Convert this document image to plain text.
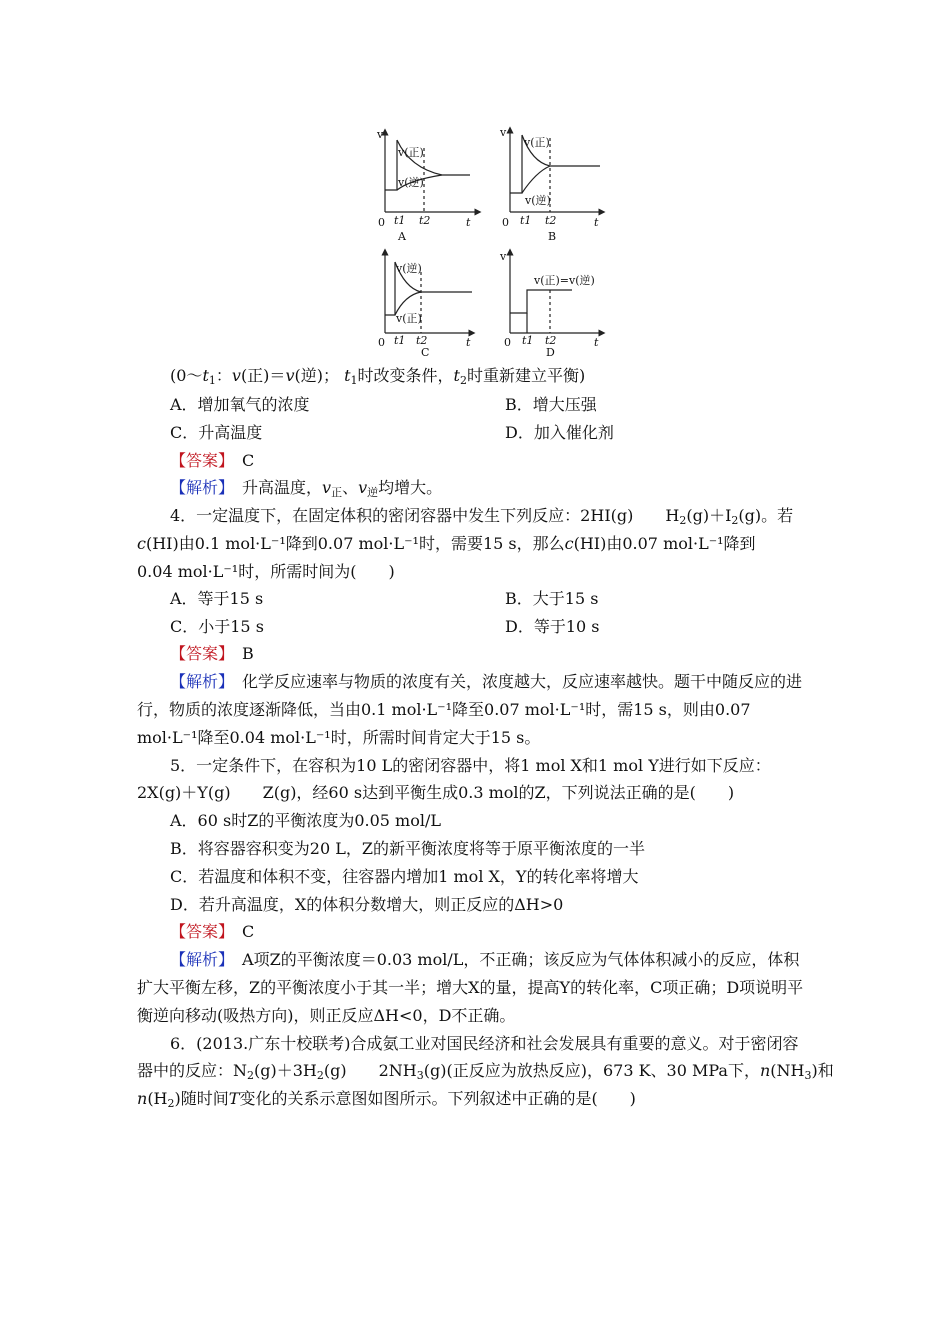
v
v(正)
v(逆)
0 t1 t2	t
A
v
v(正)
v(逆)
0 t1 t2	t
B
v(逆)
v(正)
0 t1 t2	t
C
v
v(正)=v(逆)
0 t1 t2	t
D
($0\sim t_1$：v(正)＝v(逆)； $t_1$时改变条件，$t_2$时重新建立平衡)
A．增加氧气的浓度	B．增大压强
C．升高温度	D．加入催化剂
【答案】　 C
【解析】　 升高温度，$v_正$、$v_逆$均增大。
4．一定温度下，在固定体积的密闭容器中发生下列反应：2HI(g)　　$H_2(g)+I_2(g)$。若
c(HI)由0.1 mol·L⁻¹降到0.07 mol·L⁻¹时，需要15 s，那么c(HI)由0.07 mol·L⁻¹降到
0.04 mol·L⁻¹时，所需时间为(　　)
A．等于15 s	B．大于15 s
C．小于15 s	D．等于10 s
【答案】　 B
【解析】　 化学反应速率与物质的浓度有关，浓度越大，反应速率越快。题干中随反应的进
行，物质的浓度逐渐降低，当由0.1 mol·L⁻¹降至0.07 mol·L⁻¹时，需15 s，则由0.07
mol·L⁻¹降至0.04 mol·L⁻¹时，所需时间肯定大于15 s。
5．一定条件下，在容积为10 L的密闭容器中，将1 mol X和1 mol Y进行如下反应：
2X(g)＋Y(g)　　Z(g)，经60 s达到平衡生成0.3 mol的Z，下列说法正确的是(　　)
A．60 s时Z的平衡浓度为0.05 mol/L
B．将容器容积变为20 L，Z的新平衡浓度将等于原平衡浓度的一半
C．若温度和体积不变，往容器内增加1 mol X，Y的转化率将增大
D．若升高温度，X的体积分数增大，则正反应的ΔH>0
【答案】　 C
【解析】　 A项Z的平衡浓度＝0.03 mol/L，不正确；该反应为气体体积减小的反应，体积
扩大平衡左移，Z的平衡浓度小于其一半；增大X的量，提高Y的转化率，C项正确；D项说明平
衡逆向移动(吸热方向)，则正反应ΔH<0，D不正确。
6．(2013.广东十校联考)合成氨工业对国民经济和社会发展具有重要的意义。对于密闭容
器中的反应：$N_2(g)+3H_2(g)$　　$2NH_3(g)$(正反应为放热反应)，673 K、30 MPa下，$n(NH_3)$和
$n(H_2)$随时间T变化的关系示意图如图所示。下列叙述中正确的是(　　)
